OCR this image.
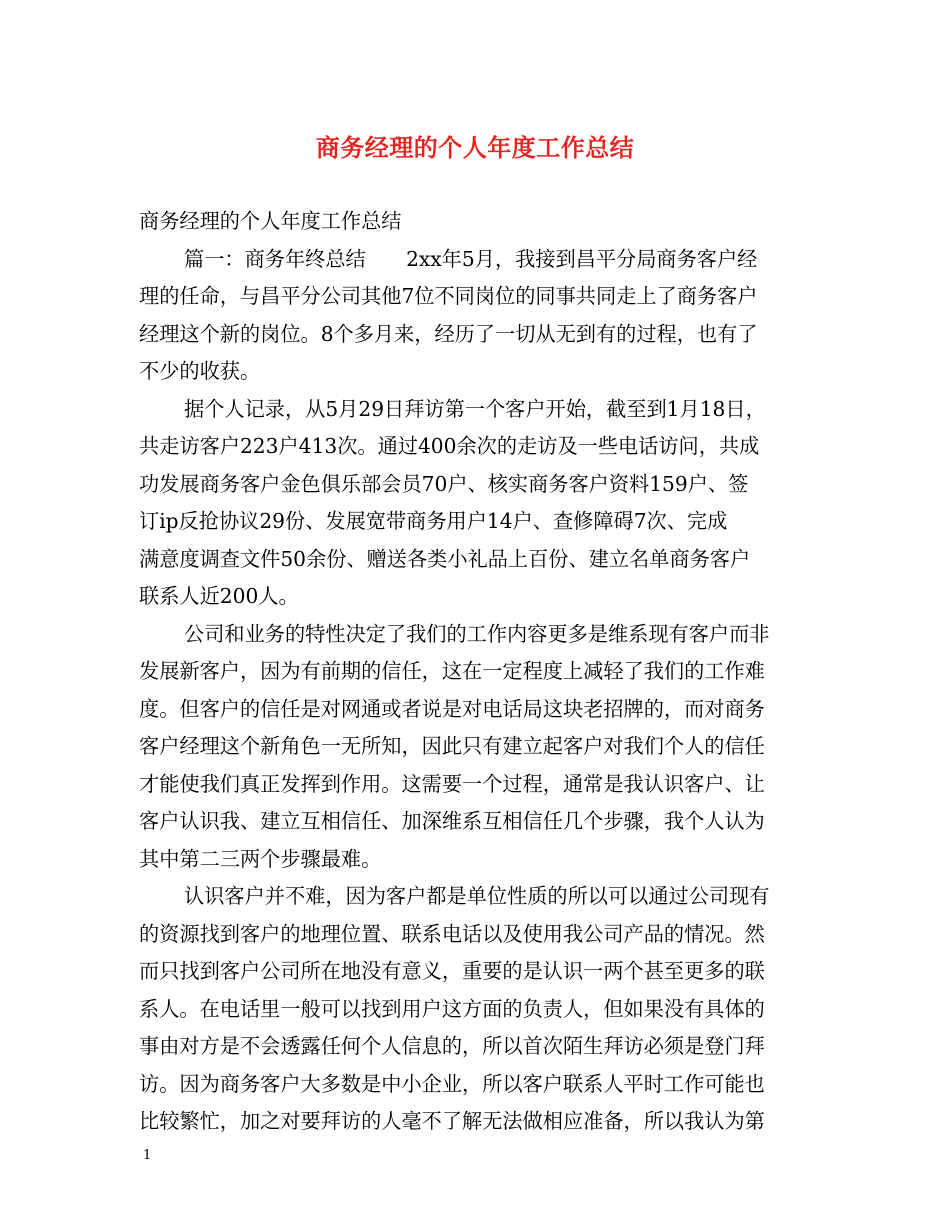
商务经理的个人年度工作总结
商务经理的个人年度工作总结
篇一：商务年终总结　　2xx年5月，我接到昌平分局商务客户经
理的任命，与昌平分公司其他7位不同岗位的同事共同走上了商务客户
经理这个新的岗位。8个多月来，经历了一切从无到有的过程，也有了
不少的收获。
据个人记录，从5月29日拜访第一个客户开始，截至到1月18日，
共走访客户223户413次。通过400余次的走访及一些电话访问，共成
功发展商务客户金色俱乐部会员70户、核实商务客户资料159户、签
订ip反抢协议29份、发展宽带商务用户14户、查修障碍7次、完成
满意度调查文件50余份、赠送各类小礼品上百份、建立名单商务客户
联系人近200人。
公司和业务的特性决定了我们的工作内容更多是维系现有客户而非
发展新客户，因为有前期的信任，这在一定程度上减轻了我们的工作难
度。但客户的信任是对网通或者说是对电话局这块老招牌的，而对商务
客户经理这个新角色一无所知，因此只有建立起客户对我们个人的信任
才能使我们真正发挥到作用。这需要一个过程，通常是我认识客户、让
客户认识我、建立互相信任、加深维系互相信任几个步骤，我个人认为
其中第二三两个步骤最难。
认识客户并不难，因为客户都是单位性质的所以可以通过公司现有
的资源找到客户的地理位置、联系电话以及使用我公司产品的情况。然
而只找到客户公司所在地没有意义，重要的是认识一两个甚至更多的联
系人。在电话里一般可以找到用户这方面的负责人，但如果没有具体的
事由对方是不会透露任何个人信息的，所以首次陌生拜访必须是登门拜
访。因为商务客户大多数是中小企业，所以客户联系人平时工作可能也
比较繁忙，加之对要拜访的人毫不了解无法做相应准备，所以我认为第
1
